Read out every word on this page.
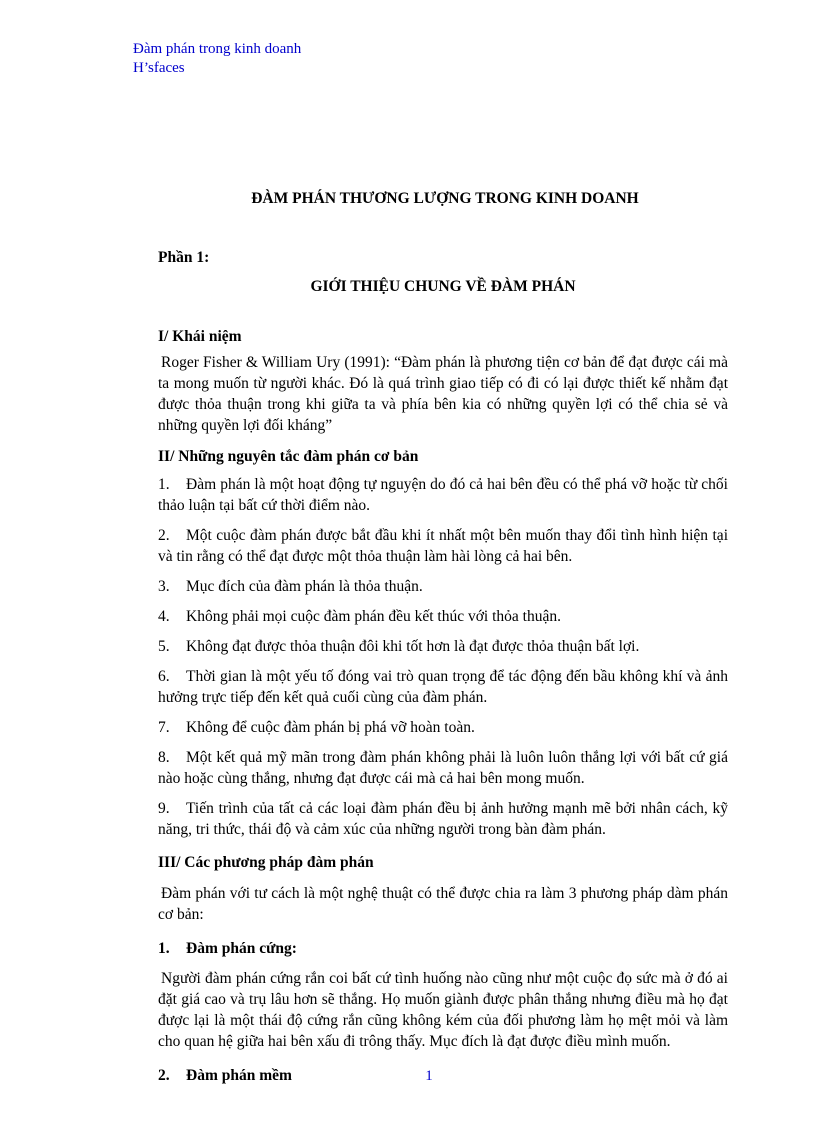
Đàm phán trong kinh doanh
H’sfaces
ĐÀM PHÁN THƯƠNG LƯỢNG TRONG KINH DOANH

Phần 1:

GIỚI THIỆU CHUNG VỀ ĐÀM PHÁN

I/ Khái niệm

Roger Fisher & William Ury (1991): “Đàm phán là phương tiện cơ bản để đạt được cái mà ta mong muốn từ người khác. Đó là quá trình giao tiếp có đi có lại được thiết kế nhằm đạt được thỏa thuận trong khi giữa ta và phía bên kia có những quyền lợi có thể chia sẻ và những quyền lợi đối kháng”

II/ Những nguyên tắc đàm phán cơ bản
1. Đàm phán là một hoạt động tự nguyện do đó cả hai bên đều có thể phá vỡ hoặc từ chối thảo luận tại bất cứ thời điểm nào.
2. Một cuộc đàm phán được bắt đầu khi ít nhất một bên muốn thay đổi tình hình hiện tại và tin rằng có thể đạt được một thỏa thuận làm hài lòng cả hai bên.
3. Mục đích của đàm phán là thỏa thuận.
4. Không phải mọi cuộc đàm phán đều kết thúc với thỏa thuận.
5. Không đạt được thỏa thuận đôi khi tốt hơn là đạt được thỏa thuận bất lợi.
6. Thời gian là một yếu tố đóng vai trò quan trọng để tác động đến bầu không khí và ảnh hưởng trực tiếp đến kết quả cuối cùng của đàm phán.
7. Không để cuộc đàm phán bị phá vỡ hoàn toàn.
8. Một kết quả mỹ mãn trong đàm phán không phải là luôn luôn thắng lợi với bất cứ giá nào hoặc cùng thắng, nhưng đạt được cái mà cả hai bên mong muốn.
9. Tiến trình của tất cả các loại đàm phán đều bị ảnh hưởng mạnh mẽ bởi nhân cách, kỹ năng, tri thức, thái độ và cảm xúc của những người trong bàn đàm phán.
III/ Các phương pháp đàm phán

Đàm phán với tư cách là một nghệ thuật có thể được chia ra làm 3 phương pháp dàm phán cơ bản:

1. Đàm phán cứng:

Người đàm phán cứng rắn coi bất cứ tình huống nào cũng như một cuộc đọ sức mà ở đó ai đặt giá cao và trụ lâu hơn sẽ thắng. Họ muốn giành được phân thắng nhưng điều mà họ đạt được lại là một thái độ cứng rắn cũng không kém của đối phương làm họ mệt mỏi và làm cho quan hệ giữa hai bên xấu đi trông thấy. Mục đích là đạt được điều mình muốn.

2. Đàm phán mềm	1
